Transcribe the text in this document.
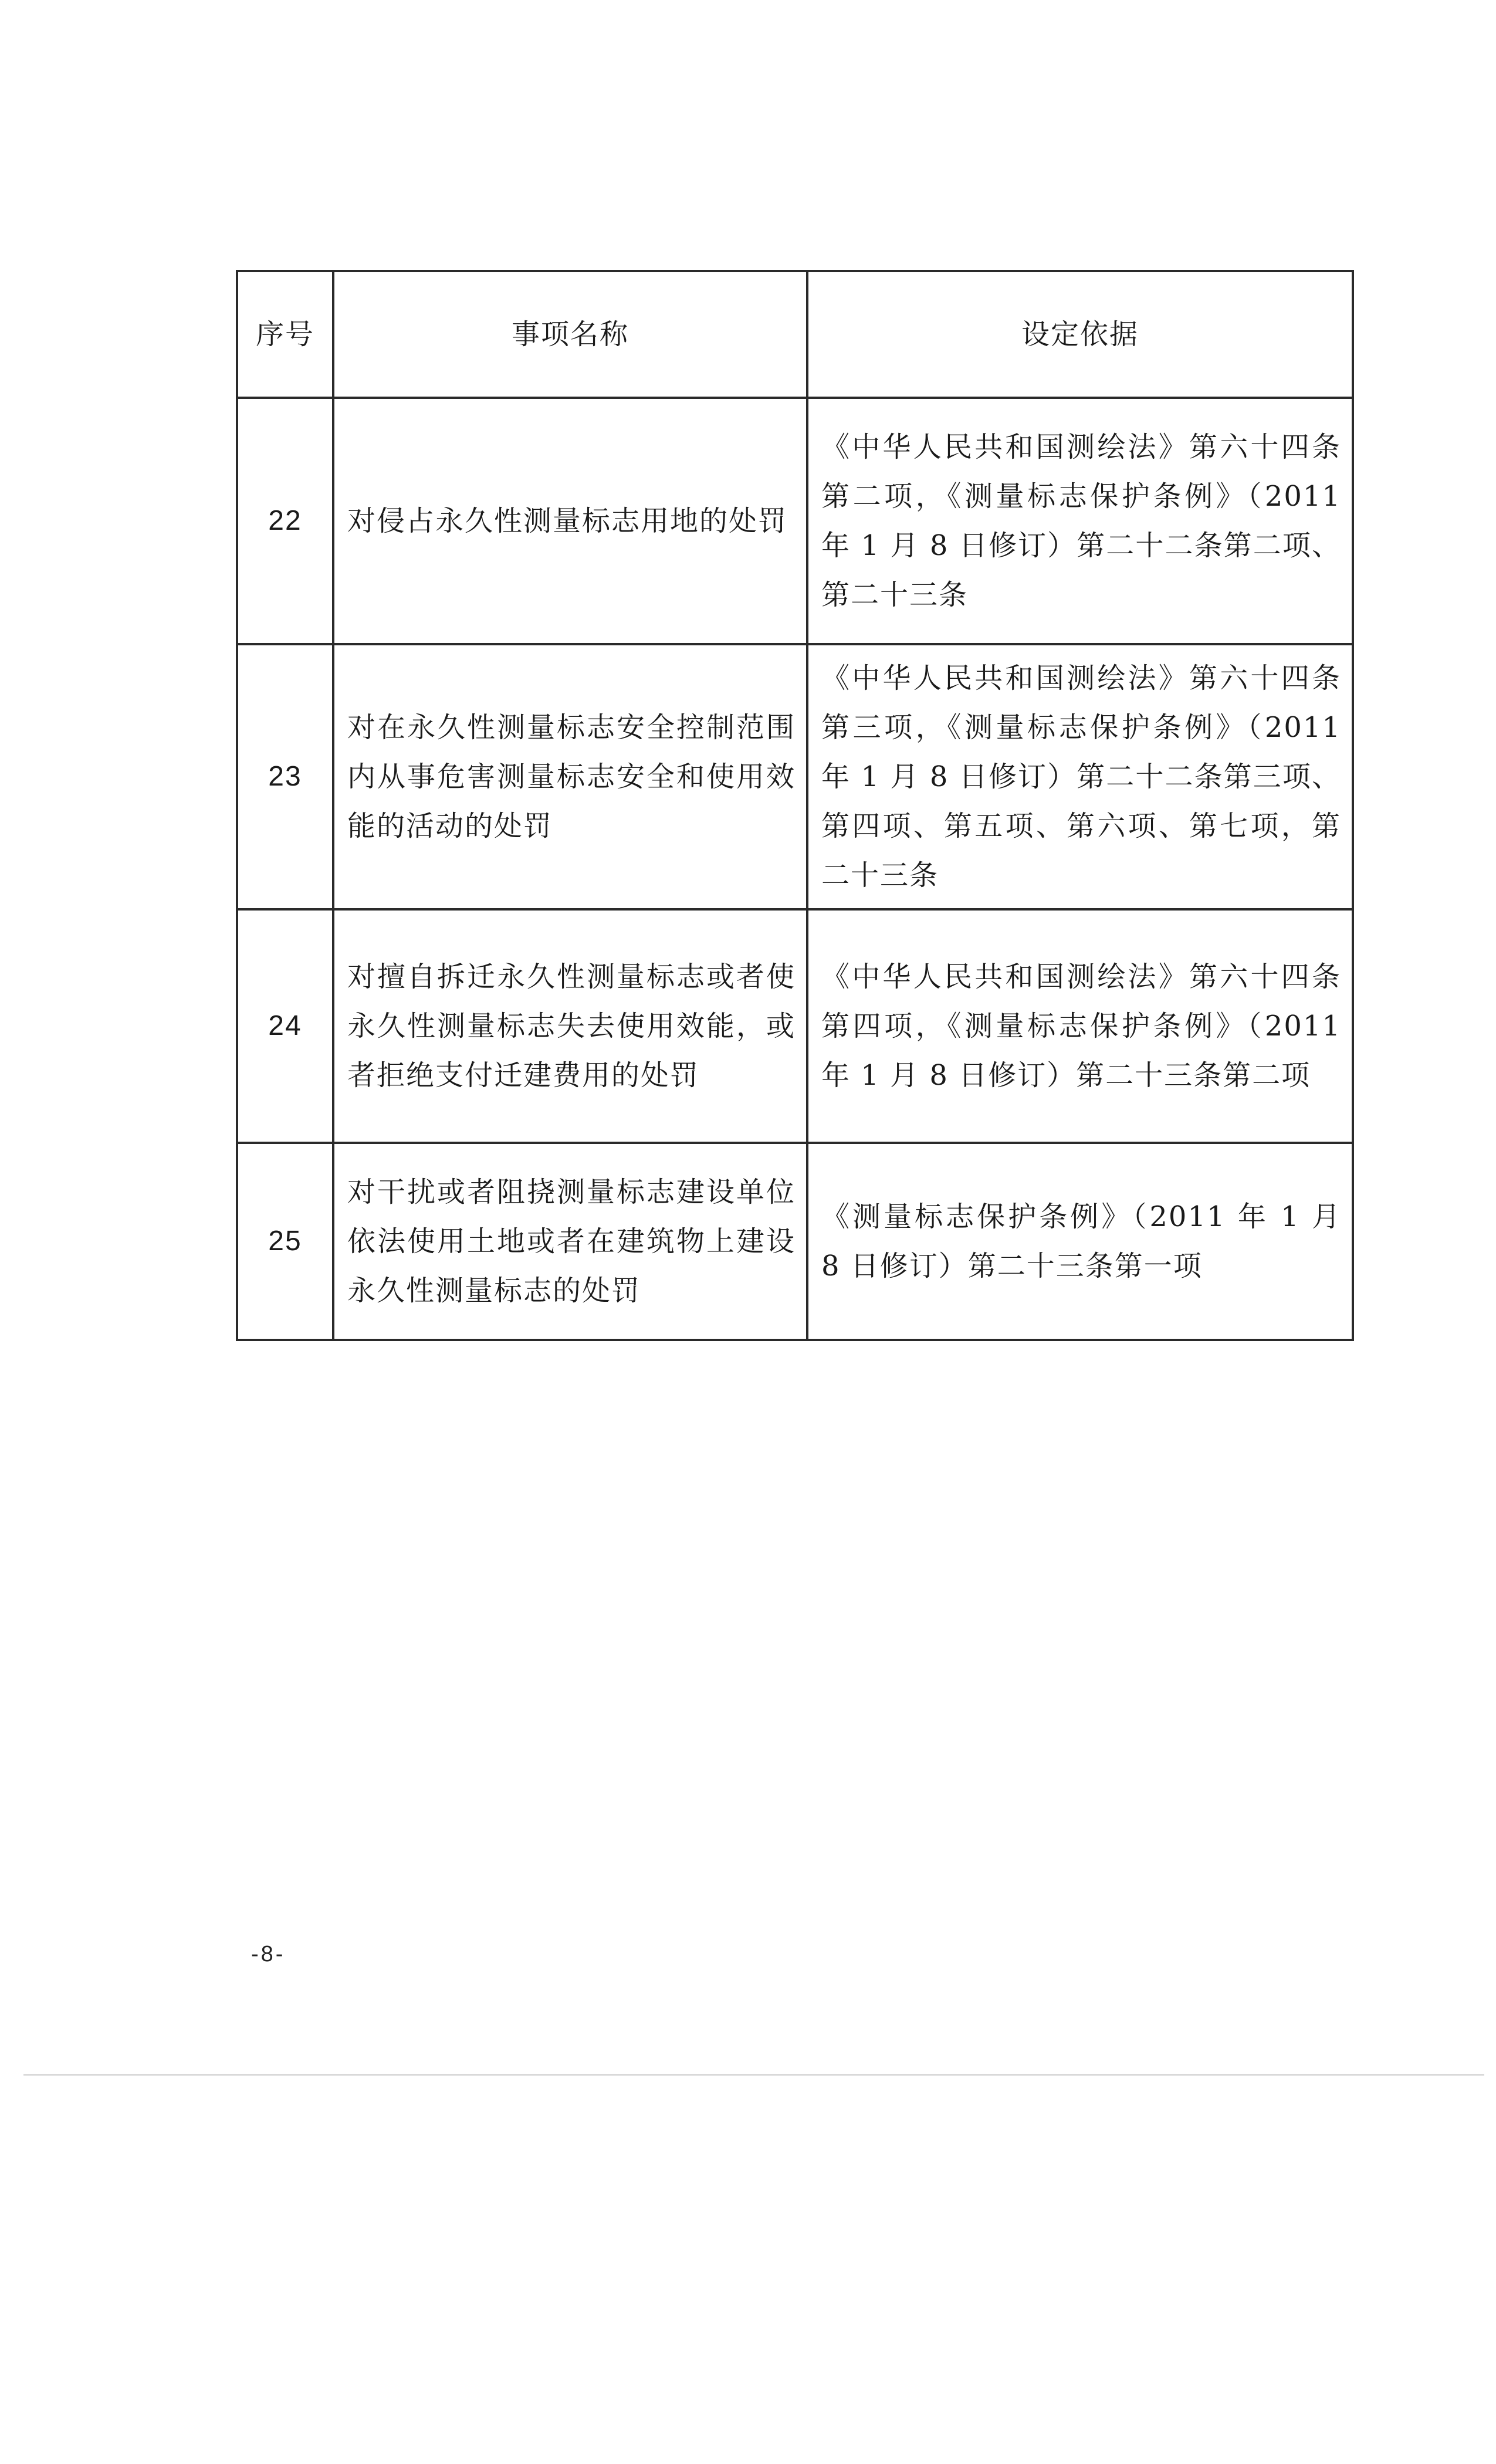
序号	事项名称	设定依据
22	对侵占永久性测量标志用地的处罚	《中华人民共和国测绘法》第六十四条第二项，《测量标志保护条例》（2011 年 1 月 8 日修订）第二十二条第二项、第二十三条
23	对在永久性测量标志安全控制范围内从事危害测量标志安全和使用效能的活动的处罚	《中华人民共和国测绘法》第六十四条第三项，《测量标志保护条例》（2011 年 1 月 8 日修订）第二十二条第三项、第四项、第五项、第六项、第七项，第二十三条
24	对擅自拆迁永久性测量标志或者使永久性测量标志失去使用效能，或者拒绝支付迁建费用的处罚	《中华人民共和国测绘法》第六十四条第四项，《测量标志保护条例》（2011 年 1 月 8 日修订）第二十三条第二项
25	对干扰或者阻挠测量标志建设单位依法使用土地或者在建筑物上建设永久性测量标志的处罚	《测量标志保护条例》（2011 年 1 月 8 日修订）第二十三条第一项
-8-
